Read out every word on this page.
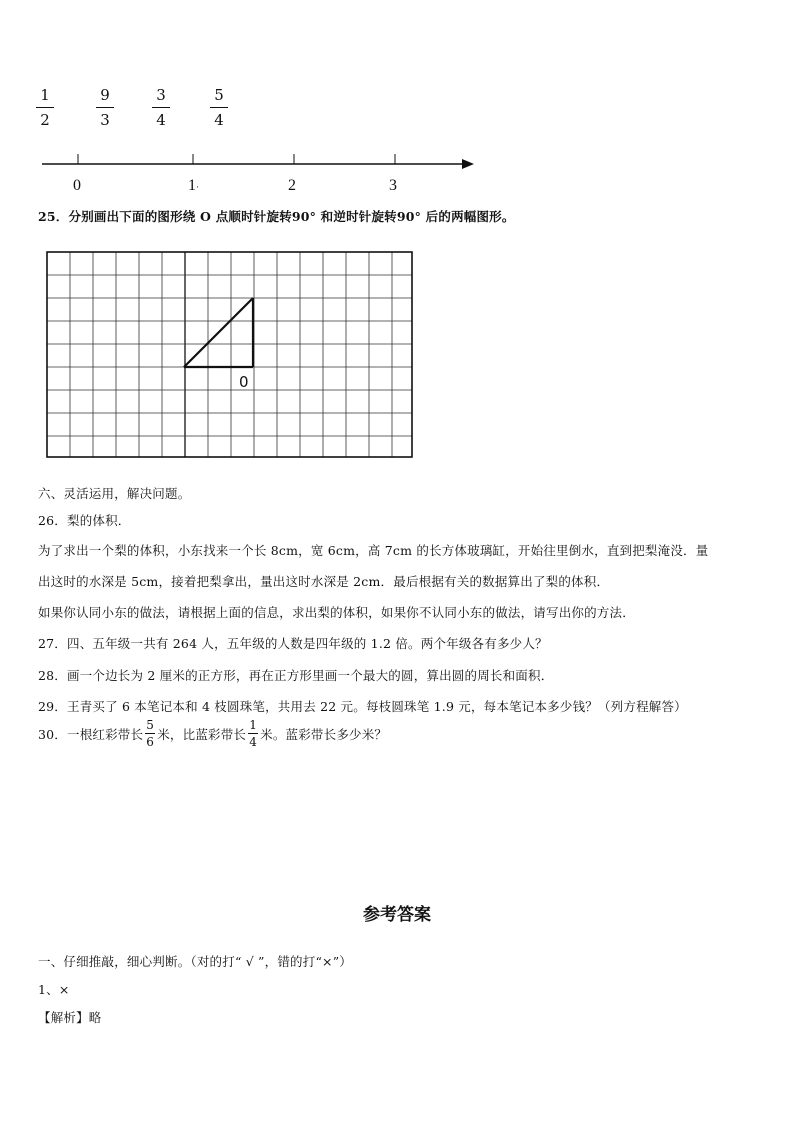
1
2
9
3
3
4
5
4
0	1·	2	3
25．分别画出下面的图形绕 O 点顺时针旋转90° 和逆时针旋转90° 后的两幅图形。
0
六、灵活运用，解决问题。
26．梨的体积．
为了求出一个梨的体积，小东找来一个长 8cm，宽 6cm，高 7cm 的长方体玻璃缸，开始往里倒水，直到把梨淹没．量
出这时的水深是 5cm，接着把梨拿出，量出这时水深是 2cm．最后根据有关的数据算出了梨的体积．
如果你认同小东的做法，请根据上面的信息，求出梨的体积，如果你不认同小东的做法，请写出你的方法．
27．四、五年级一共有 264 人，五年级的人数是四年级的 1.2 倍。两个年级各有多少人？
28．画一个边长为 2 厘米的正方形，再在正方形里画一个最大的圆，算出圆的周长和面积．
29．王青买了 6 本笔记本和 4 枝圆珠笔，共用去 22 元。每枝圆珠笔 1.9 元，每本笔记本多少钱？（列方程解答）
30．一根红彩带长 $\frac{5}{6}$ 米，比蓝彩带长 $\frac{1}{4}$ 米。蓝彩带长多少米？
参考答案
一、仔细推敲，细心判断。（对的打“ √ ”，错的打“×”）
1、×
【解析】略
